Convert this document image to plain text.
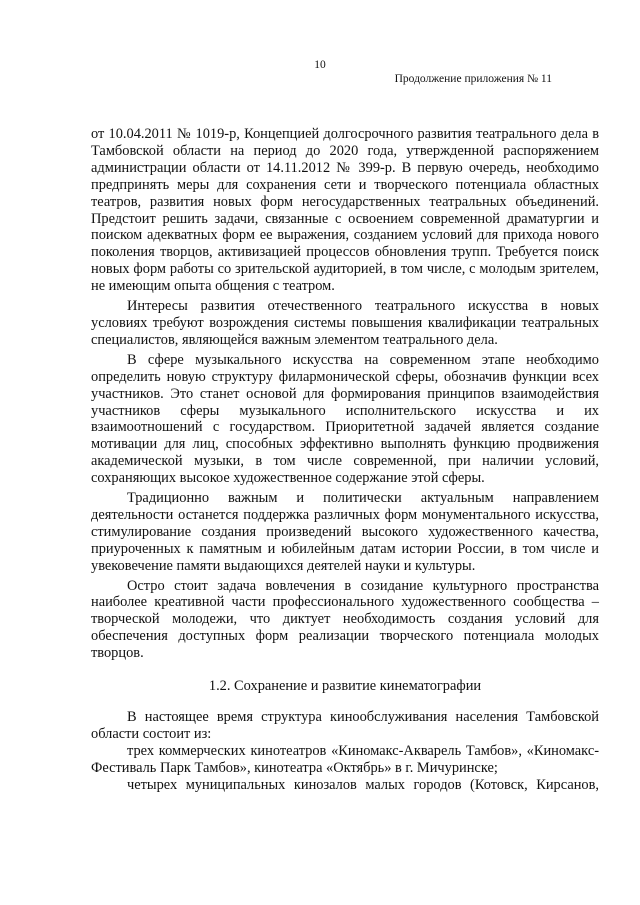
10
Продолжение приложения № 11

от 10.04.2011 № 1019-р, Концепцией долгосрочного развития театрального дела в Тамбовской области на период до 2020 года, утвержденной распоряжением администрации области от 14.11.2012 № 399-р. В первую очередь, необходимо предпринять меры для сохранения сети и творческого потенциала областных театров, развития новых форм негосударственных театральных объединений. Предстоит решить задачи, связанные с освоением современной драматургии и поиском адекватных форм ее выражения, созданием условий для прихода нового поколения творцов, активизацией процессов обновления трупп. Требуется поиск новых форм работы со зрительской аудиторией, в том числе, с молодым зрителем, не имеющим опыта общения с театром.

Интересы развития отечественного театрального искусства в новых условиях требуют возрождения системы повышения квалификации театральных специалистов, являющейся важным элементом театрального дела.

В сфере музыкального искусства на современном этапе необходимо определить новую структуру филармонической сферы, обозначив функции всех участников. Это станет основой для формирования принципов взаимодействия участников сферы музыкального исполнительского искусства и их взаимоотношений с государством. Приоритетной задачей является создание мотивации для лиц, способных эффективно выполнять функцию продвижения академической музыки, в том числе современной, при наличии условий, сохраняющих высокое художественное содержание этой сферы.

Традиционно важным и политически актуальным направлением деятельности останется поддержка различных форм монументального искусства, стимулирование создания произведений высокого художественного качества, приуроченных к памятным и юбилейным датам истории России, в том числе и увековечение памяти выдающихся деятелей науки и культуры.

Остро стоит задача вовлечения в созидание культурного пространства наиболее креативной части профессионального художественного сообщества – творческой молодежи, что диктует необходимость создания условий для обеспечения доступных форм реализации творческого потенциала молодых творцов.

1.2. Сохранение и развитие кинематографии

В настоящее время структура кинообслуживания населения Тамбовской области состоит из:

трех коммерческих кинотеатров «Киномакс-Акварель Тамбов», «Киномакс-Фестиваль Парк Тамбов», кинотеатра «Октябрь» в г. Мичуринске;

четырех муниципальных кинозалов малых городов (Котовск, Кирсанов,
